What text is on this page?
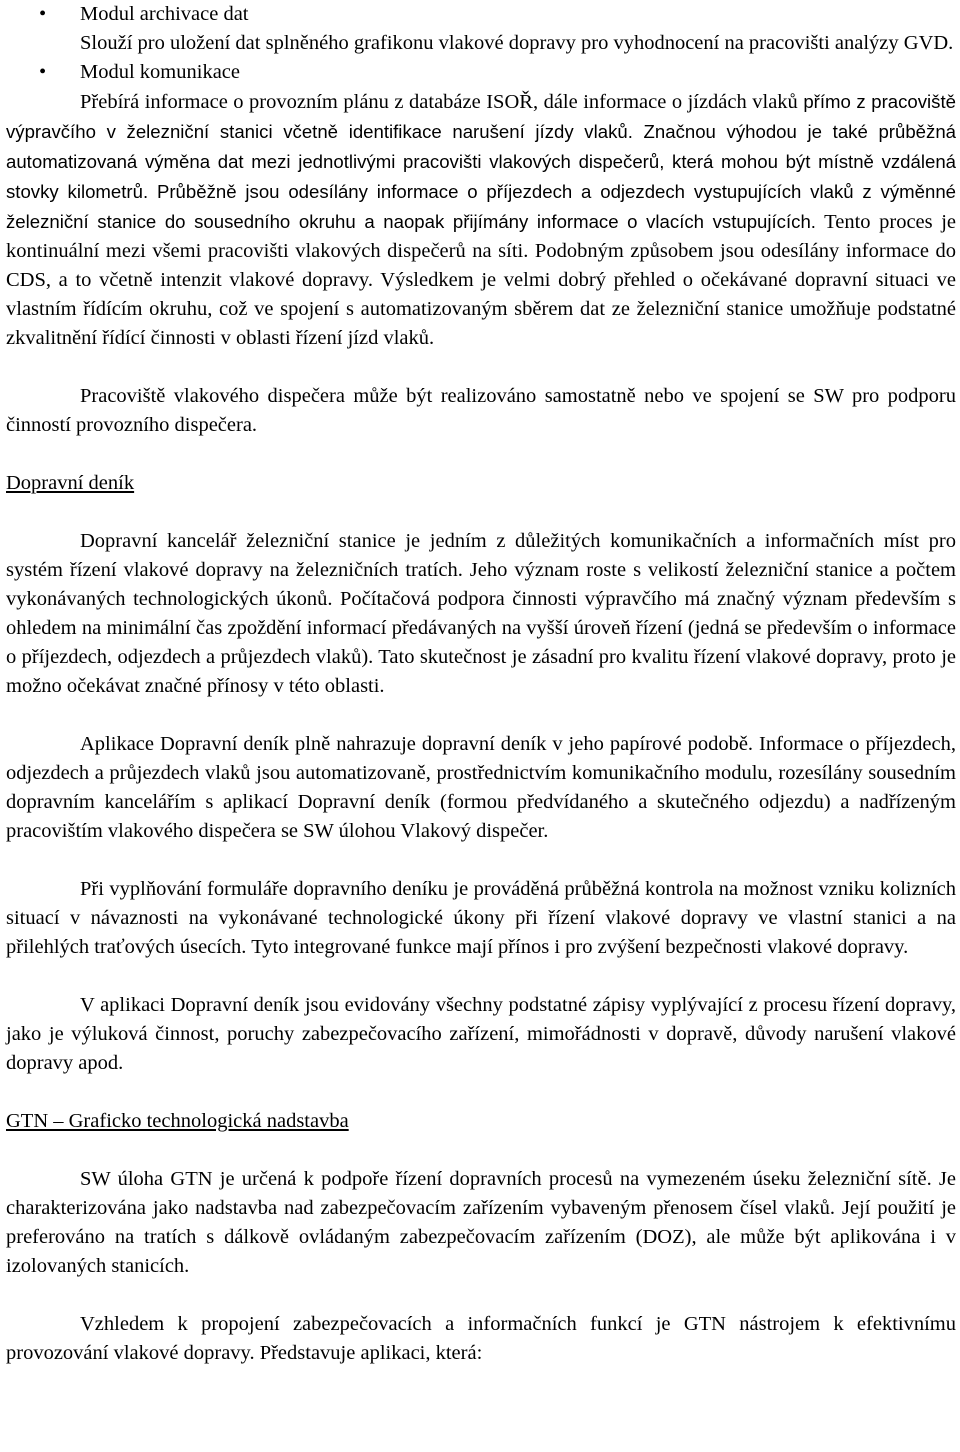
• Modul archivace dat

Slouží pro uložení dat splněného grafikonu vlakové dopravy pro vyhodnocení na pracovišti analýzy GVD.

• Modul komunikace

Přebírá informace o provozním plánu z databáze ISOŘ, dále informace o jízdách vlaků přímo z pracoviště výpravčího v železniční stanici včetně identifikace narušení jízdy vlaků. Značnou výhodou je také průběžná automatizovaná výměna dat mezi jednotlivými pracovišti vlakových dispečerů, která mohou být místně vzdálená stovky kilometrů. Průběžně jsou odesílány informace o příjezdech a odjezdech vystupujících vlaků z výměnné železniční stanice do sousedního okruhu a naopak přijímány informace o vlacích vstupujících. Tento proces je kontinuální mezi všemi pracovišti vlakových dispečerů na síti. Podobným způsobem jsou odesílány informace do CDS, a to včetně intenzit vlakové dopravy. Výsledkem je velmi dobrý přehled o očekávané dopravní situaci ve vlastním řídícím okruhu, což ve spojení s automatizovaným sběrem dat ze železniční stanice umožňuje podstatné zkvalitnění řídící činnosti v oblasti řízení jízd vlaků.

Pracoviště vlakového dispečera může být realizováno samostatně nebo ve spojení se SW pro podporu činností provozního dispečera.

Dopravní deník

Dopravní kancelář železniční stanice je jedním z důležitých komunikačních a informačních míst pro systém řízení vlakové dopravy na železničních tratích. Jeho význam roste s velikostí železniční stanice a počtem vykonávaných technologických úkonů. Počítačová podpora činnosti výpravčího má značný význam především s ohledem na minimální čas zpoždění informací předávaných na vyšší úroveň řízení (jedná se především o informace o příjezdech, odjezdech a průjezdech vlaků). Tato skutečnost je zásadní pro kvalitu řízení vlakové dopravy, proto je možno očekávat značné přínosy v této oblasti.

Aplikace Dopravní deník plně nahrazuje dopravní deník v jeho papírové podobě. Informace o příjezdech, odjezdech a průjezdech vlaků jsou automatizovaně, prostřednictvím komunikačního modulu, rozesílány sousedním dopravním kancelářím s aplikací Dopravní deník (formou předvídaného a skutečného odjezdu) a nadřízeným pracovištím vlakového dispečera se SW úlohou Vlakový dispečer.

Při vyplňování formuláře dopravního deníku je prováděná průběžná kontrola na možnost vzniku kolizních situací v návaznosti na vykonávané technologické úkony při řízení vlakové dopravy ve vlastní stanici a na přilehlých traťových úsecích. Tyto integrované funkce mají přínos i pro zvýšení bezpečnosti vlakové dopravy.

V aplikaci Dopravní deník jsou evidovány všechny podstatné zápisy vyplývající z procesu řízení dopravy, jako je výluková činnost, poruchy zabezpečovacího zařízení, mimořádnosti v dopravě, důvody narušení vlakové dopravy apod.

GTN – Graficko technologická nadstavba

SW úloha GTN je určená k podpoře řízení dopravních procesů na vymezeném úseku železniční sítě. Je charakterizována jako nadstavba nad zabezpečovacím zařízením vybaveným přenosem čísel vlaků. Její použití je preferováno na tratích s dálkově ovládaným zabezpečovacím zařízením (DOZ), ale může být aplikována i v izolovaných stanicích.

Vzhledem k propojení zabezpečovacích a informačních funkcí je GTN nástrojem k efektivnímu provozování vlakové dopravy. Představuje aplikaci, která:
